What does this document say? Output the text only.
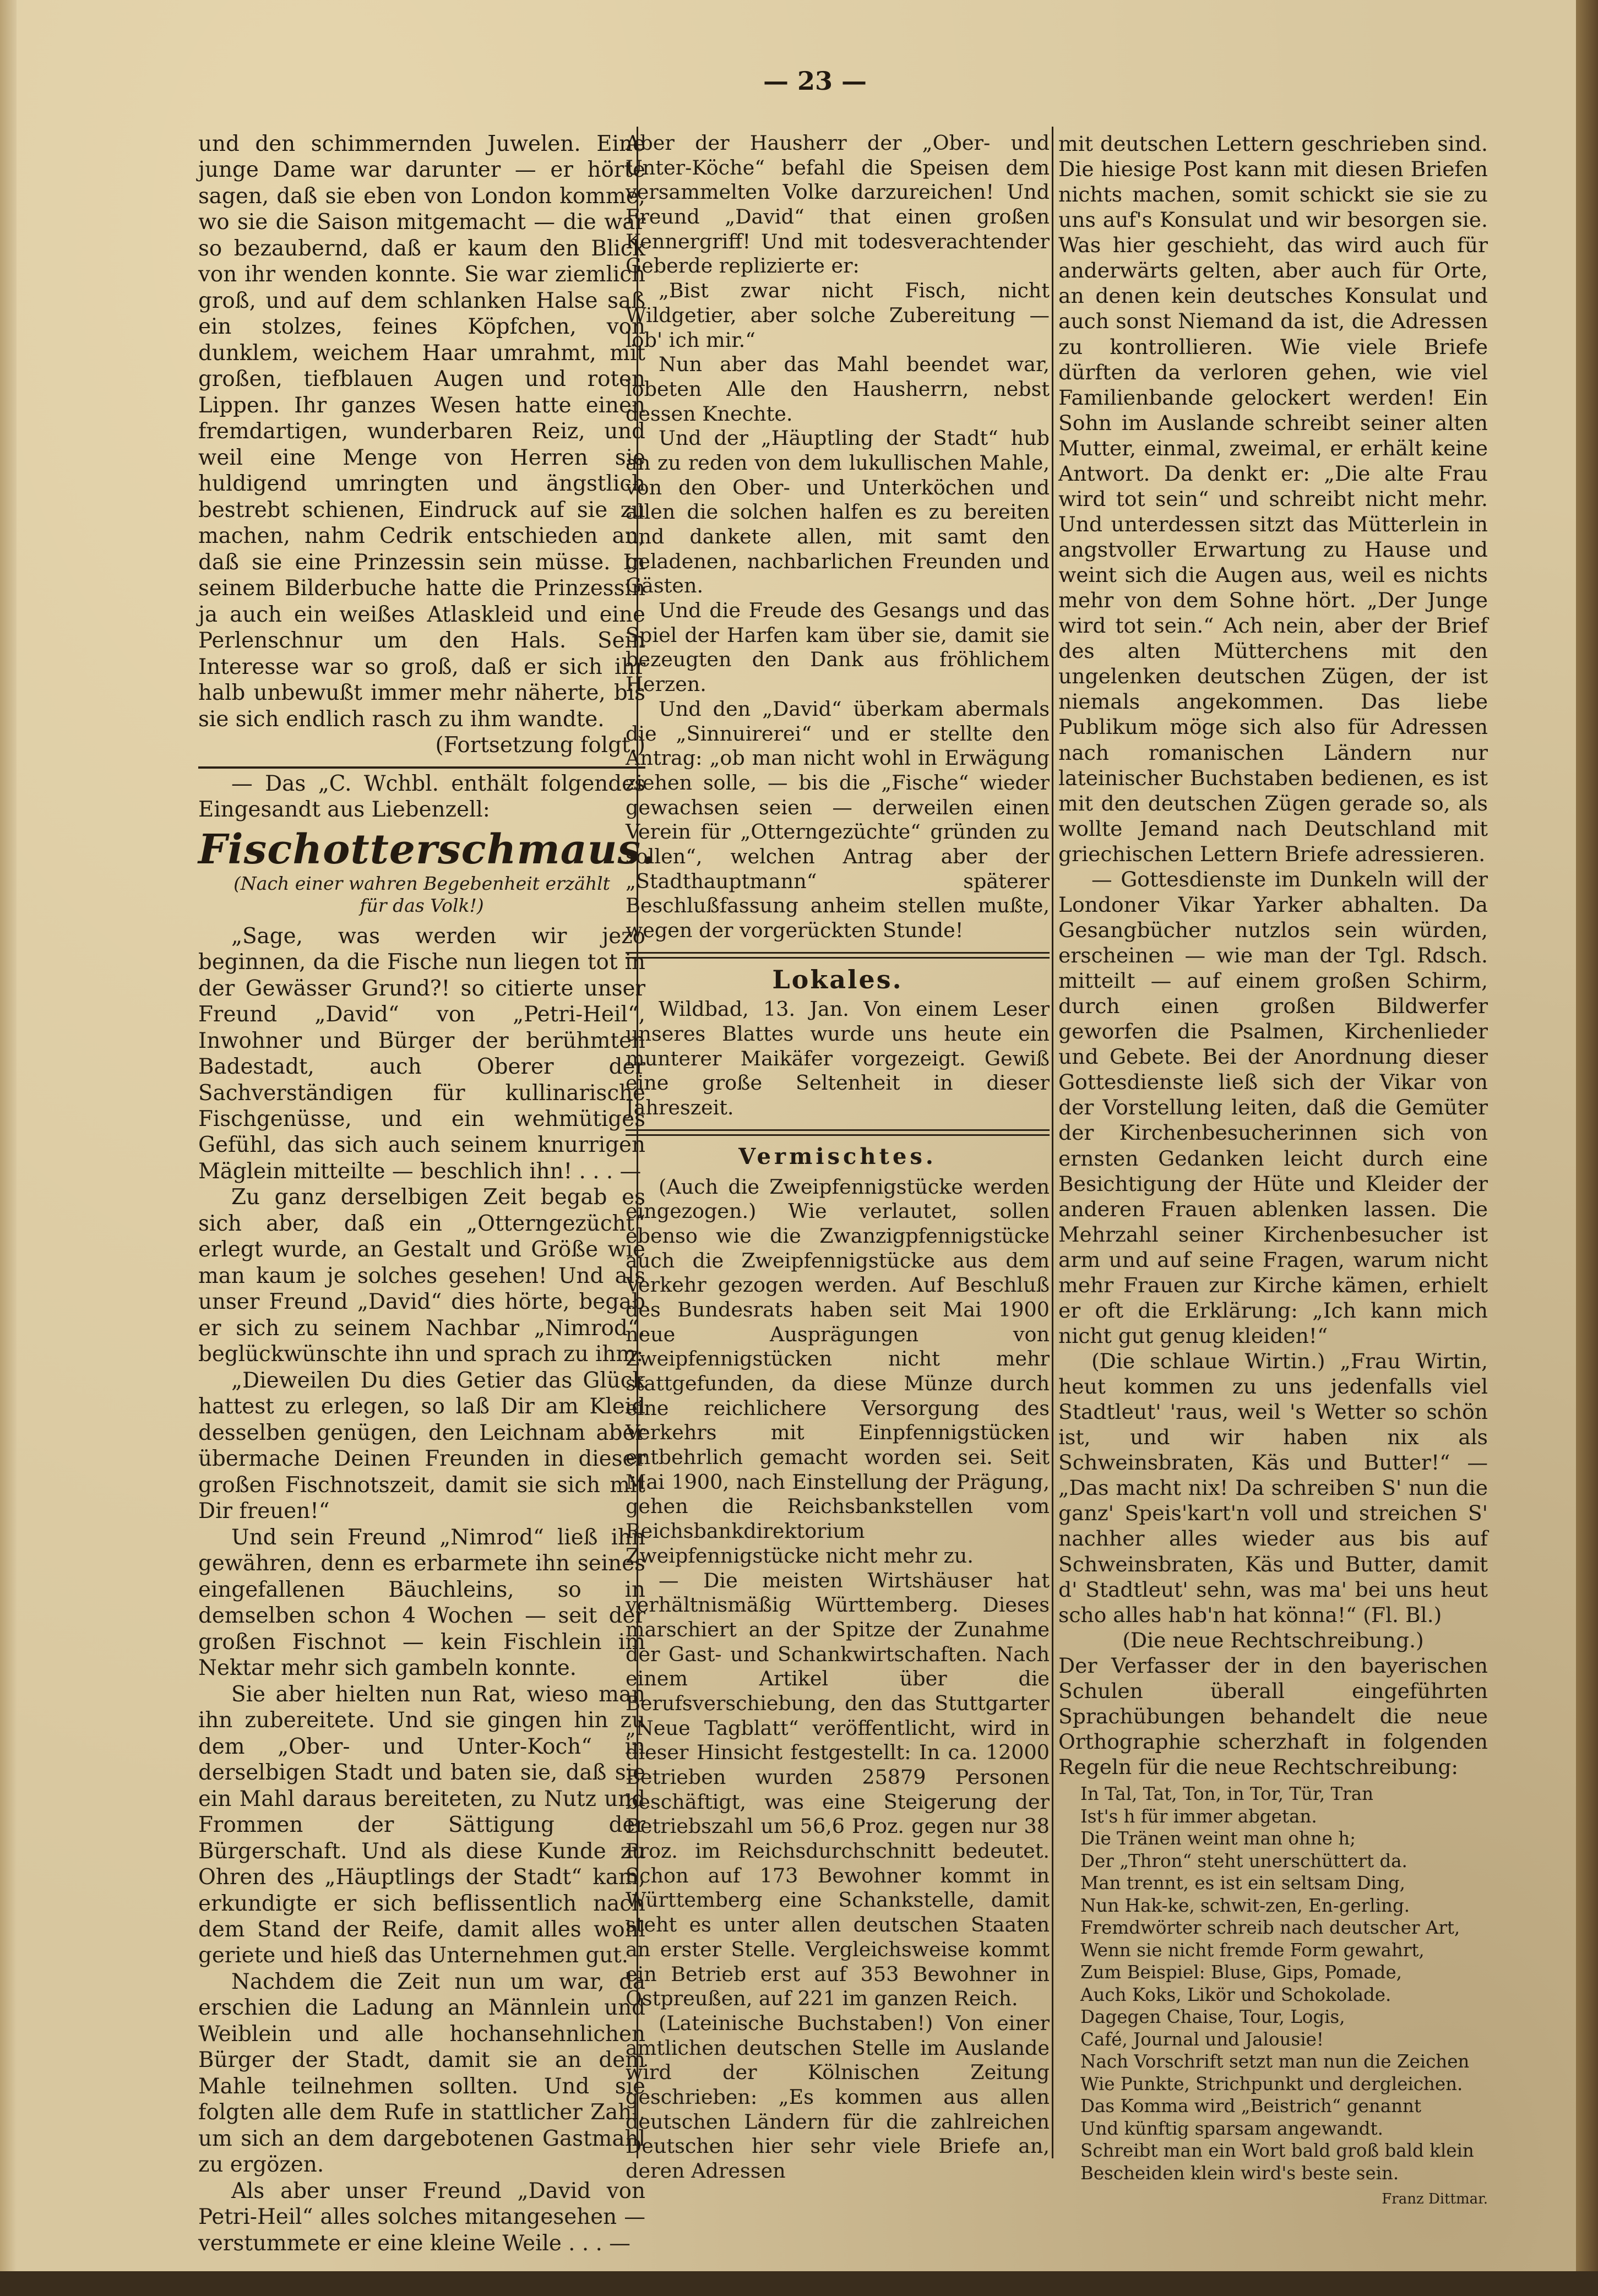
— 23 —

und den schimmernden Juwelen. Eine junge Dame war darunter — er hörte sagen, daß sie eben von London komme, wo sie die Saison mitgemacht — die war so bezaubernd, daß er kaum den Blick von ihr wenden konnte. Sie war ziemlich groß, und auf dem schlanken Halse saß ein stolzes, feines Köpfchen, von dunklem, weichem Haar umrahmt, mit großen, tiefblauen Augen und roten Lippen. Ihr ganzes Wesen hatte einen fremdartigen, wunderbaren Reiz, und weil eine Menge von Herren sie huldigend umringten und ängstlich bestrebt schienen, Eindruck auf sie zu machen, nahm Cedrik entschieden an, daß sie eine Prinzessin sein müsse. In seinem Bilderbuche hatte die Prinzessin ja auch ein weißes Atlaskleid und eine Perlenschnur um den Hals. Sein Interesse war so groß, daß er sich ihr halb unbewußt immer mehr näherte, bis sie sich endlich rasch zu ihm wandte.

(Fortsetzung folgt.)

— Das „C. Wchbl. enthält folgendes Eingesandt aus Liebenzell:

Fischotterschmaus.
(Nach einer wahren Begebenheit erzählt für das Volk!)

„Sage, was werden wir jezo beginnen, da die Fische nun liegen tot in der Gewässer Grund?! so citierte unser Freund „David“ von „Petri-Heil“, Inwohner und Bürger der berühmten Badestadt, auch Oberer der Sachverständigen für kullinarische Fischgenüsse, und ein wehmütiges Gefühl, das sich auch seinem knurrigen Mäglein mitteilte — beschlich ihn! . . . —

Zu ganz derselbigen Zeit begab es sich aber, daß ein „Otterngezücht“ erlegt wurde, an Gestalt und Größe wie man kaum je solches gesehen! Und als unser Freund „David“ dies hörte, begab er sich zu seinem Nachbar „Nimrod“, beglückwünschte ihn und sprach zu ihm:

„Dieweilen Du dies Getier das Glück hattest zu erlegen, so laß Dir am Kleid desselben genügen, den Leichnam aber übermache Deinen Freunden in dieser großen Fischnotszeit, damit sie sich mit Dir freuen!“

Und sein Freund „Nimrod“ ließ ihn gewähren, denn es erbarmete ihn seines eingefallenen Bäuchleins, so in demselben schon 4 Wochen — seit der großen Fischnot — kein Fischlein im Nektar mehr sich gambeln konnte.

Sie aber hielten nun Rat, wieso man ihn zubereitete. Und sie gingen hin zu dem „Ober- und Unter-Koch“ in derselbigen Stadt und baten sie, daß sie ein Mahl daraus bereiteten, zu Nutz und Frommen der Sättigung der Bürgerschaft. Und als diese Kunde zu Ohren des „Häuptlings der Stadt“ kam, erkundigte er sich beflissentlich nach dem Stand der Reife, damit alles wohl geriete und hieß das Unternehmen gut.

Nachdem die Zeit nun um war, da erschien die Ladung an Männlein und Weiblein und alle hochansehnlichen Bürger der Stadt, damit sie an dem Mahle teilnehmen sollten. Und sie folgten alle dem Rufe in stattlicher Zahl, um sich an dem dargebotenen Gastmahl zu ergözen.

Als aber unser Freund „David von Petri-Heil“ alles solches mitangesehen — verstummete er eine kleine Weile . . . —

Aber der Hausherr der „Ober- und Unter-Köche“ befahl die Speisen dem versammelten Volke darzureichen! Und Freund „David“ that einen großen Kennergriff! Und mit todesverachtender Geberde replizierte er:

„Bist zwar nicht Fisch, nicht Wildgetier, aber solche Zubereitung — lob' ich mir.“

Nun aber das Mahl beendet war, lobeten Alle den Hausherrn, nebst dessen Knechte.

Und der „Häuptling der Stadt“ hub an zu reden von dem lukullischen Mahle, von den Ober- und Unterköchen und allen die solchen halfen es zu bereiten und dankete allen, mit samt den geladenen, nachbarlichen Freunden und Gästen.

Und die Freude des Gesangs und das Spiel der Harfen kam über sie, damit sie bezeugten den Dank aus fröhlichem Herzen.

Und den „David“ überkam abermals die „Sinnuirerei“ und er stellte den Antrag: „ob man nicht wohl in Erwägung ziehen solle, — bis die „Fische“ wieder gewachsen seien — derweilen einen Verein für „Otterngezüchte“ gründen zu sollen“, welchen Antrag aber der „Stadthauptmann“ späterer Beschlußfassung anheim stellen mußte, wegen der vorgerückten Stunde!

Lokales.

Wildbad, 13. Jan. Von einem Leser unseres Blattes wurde uns heute ein munterer Maikäfer vorgezeigt. Gewiß eine große Seltenheit in dieser Jahreszeit.

Vermischtes.

(Auch die Zweipfennigstücke werden eingezogen.) Wie verlautet, sollen ebenso wie die Zwanzigpfennigstücke auch die Zweipfennigstücke aus dem Verkehr gezogen werden. Auf Beschluß des Bundesrats haben seit Mai 1900 neue Ausprägungen von Zweipfennigstücken nicht mehr stattgefunden, da diese Münze durch eine reichlichere Versorgung des Verkehrs mit Einpfennigstücken entbehrlich gemacht worden sei. Seit Mai 1900, nach Einstellung der Prägung, gehen die Reichsbankstellen vom Reichsbankdirektorium Zweipfennigstücke nicht mehr zu.

— Die meisten Wirtshäuser hat verhältnismäßig Württemberg. Dieses marschiert an der Spitze der Zunahme der Gast- und Schankwirtschaften. Nach einem Artikel über die Berufsverschiebung, den das Stuttgarter „Neue Tagblatt“ veröffentlicht, wird in dieser Hinsicht festgestellt: In ca. 12000 Betrieben wurden 25879 Personen beschäftigt, was eine Steigerung der Betriebszahl um 56,6 Proz. gegen nur 38 Proz. im Reichsdurchschnitt bedeutet. Schon auf 173 Bewohner kommt in Württemberg eine Schankstelle, damit steht es unter allen deutschen Staaten an erster Stelle. Vergleichsweise kommt ein Betrieb erst auf 353 Bewohner in Ostpreußen, auf 221 im ganzen Reich.

(Lateinische Buchstaben!) Von einer amtlichen deutschen Stelle im Auslande wird der Kölnischen Zeitung geschrieben: „Es kommen aus allen deutschen Ländern für die zahlreichen Deutschen hier sehr viele Briefe an, deren Adressen

mit deutschen Lettern geschrieben sind. Die hiesige Post kann mit diesen Briefen nichts machen, somit schickt sie sie zu uns auf's Konsulat und wir besorgen sie. Was hier geschieht, das wird auch für anderwärts gelten, aber auch für Orte, an denen kein deutsches Konsulat und auch sonst Niemand da ist, die Adressen zu kontrollieren. Wie viele Briefe dürften da verloren gehen, wie viel Familienbande gelockert werden! Ein Sohn im Auslande schreibt seiner alten Mutter, einmal, zweimal, er erhält keine Antwort. Da denkt er: „Die alte Frau wird tot sein“ und schreibt nicht mehr. Und unterdessen sitzt das Mütterlein in angstvoller Erwartung zu Hause und weint sich die Augen aus, weil es nichts mehr von dem Sohne hört. „Der Junge wird tot sein.“ Ach nein, aber der Brief des alten Mütterchens mit den ungelenken deutschen Zügen, der ist niemals angekommen. Das liebe Publikum möge sich also für Adressen nach romanischen Ländern nur lateinischer Buchstaben bedienen, es ist mit den deutschen Zügen gerade so, als wollte Jemand nach Deutschland mit griechischen Lettern Briefe adressieren.

— Gottesdienste im Dunkeln will der Londoner Vikar Yarker abhalten. Da Gesangbücher nutzlos sein würden, erscheinen — wie man der Tgl. Rdsch. mitteilt — auf einem großen Schirm, durch einen großen Bildwerfer geworfen die Psalmen, Kirchenlieder und Gebete. Bei der Anordnung dieser Gottesdienste ließ sich der Vikar von der Vorstellung leiten, daß die Gemüter der Kirchenbesucherinnen sich von ernsten Gedanken leicht durch eine Besichtigung der Hüte und Kleider der anderen Frauen ablenken lassen. Die Mehrzahl seiner Kirchenbesucher ist arm und auf seine Fragen, warum nicht mehr Frauen zur Kirche kämen, erhielt er oft die Erklärung: „Ich kann mich nicht gut genug kleiden!“

(Die schlaue Wirtin.) „Frau Wirtin, heut kommen zu uns jedenfalls viel Stadtleut' 'raus, weil 's Wetter so schön ist, und wir haben nix als Schweinsbraten, Käs und Butter!“ — „Das macht nix! Da schreiben S' nun die ganz' Speis'kart'n voll und streichen S' nachher alles wieder aus bis auf Schweinsbraten, Käs und Butter, damit d' Stadtleut' sehn, was ma' bei uns heut scho alles hab'n hat könna!“ (Fl. Bl.)

(Die neue Rechtschreibung.)

Der Verfasser der in den bayerischen Schulen überall eingeführten Sprachübungen behandelt die neue Orthographie scherzhaft in folgenden Regeln für die neue Rechtschreibung:

In Tal, Tat, Ton, in Tor, Tür, Tran
Ist's h für immer abgetan.
Die Tränen weint man ohne h;
Der „Thron“ steht unerschüttert da.
Man trennt, es ist ein seltsam Ding,
Nun Hak-ke, schwit-zen, En-gerling.
Fremdwörter schreib nach deutscher Art,
Wenn sie nicht fremde Form gewahrt,
Zum Beispiel: Bluse, Gips, Pomade,
Auch Koks, Likör und Schokolade.
Dagegen Chaise, Tour, Logis,
Café, Journal und Jalousie!
Nach Vorschrift setzt man nun die Zeichen
Wie Punkte, Strichpunkt und dergleichen.
Das Komma wird „Beistrich“ genannt
Und künftig sparsam angewandt.
Schreibt man ein Wort bald groß bald klein
Bescheiden klein wird's beste sein.
Franz Dittmar.
